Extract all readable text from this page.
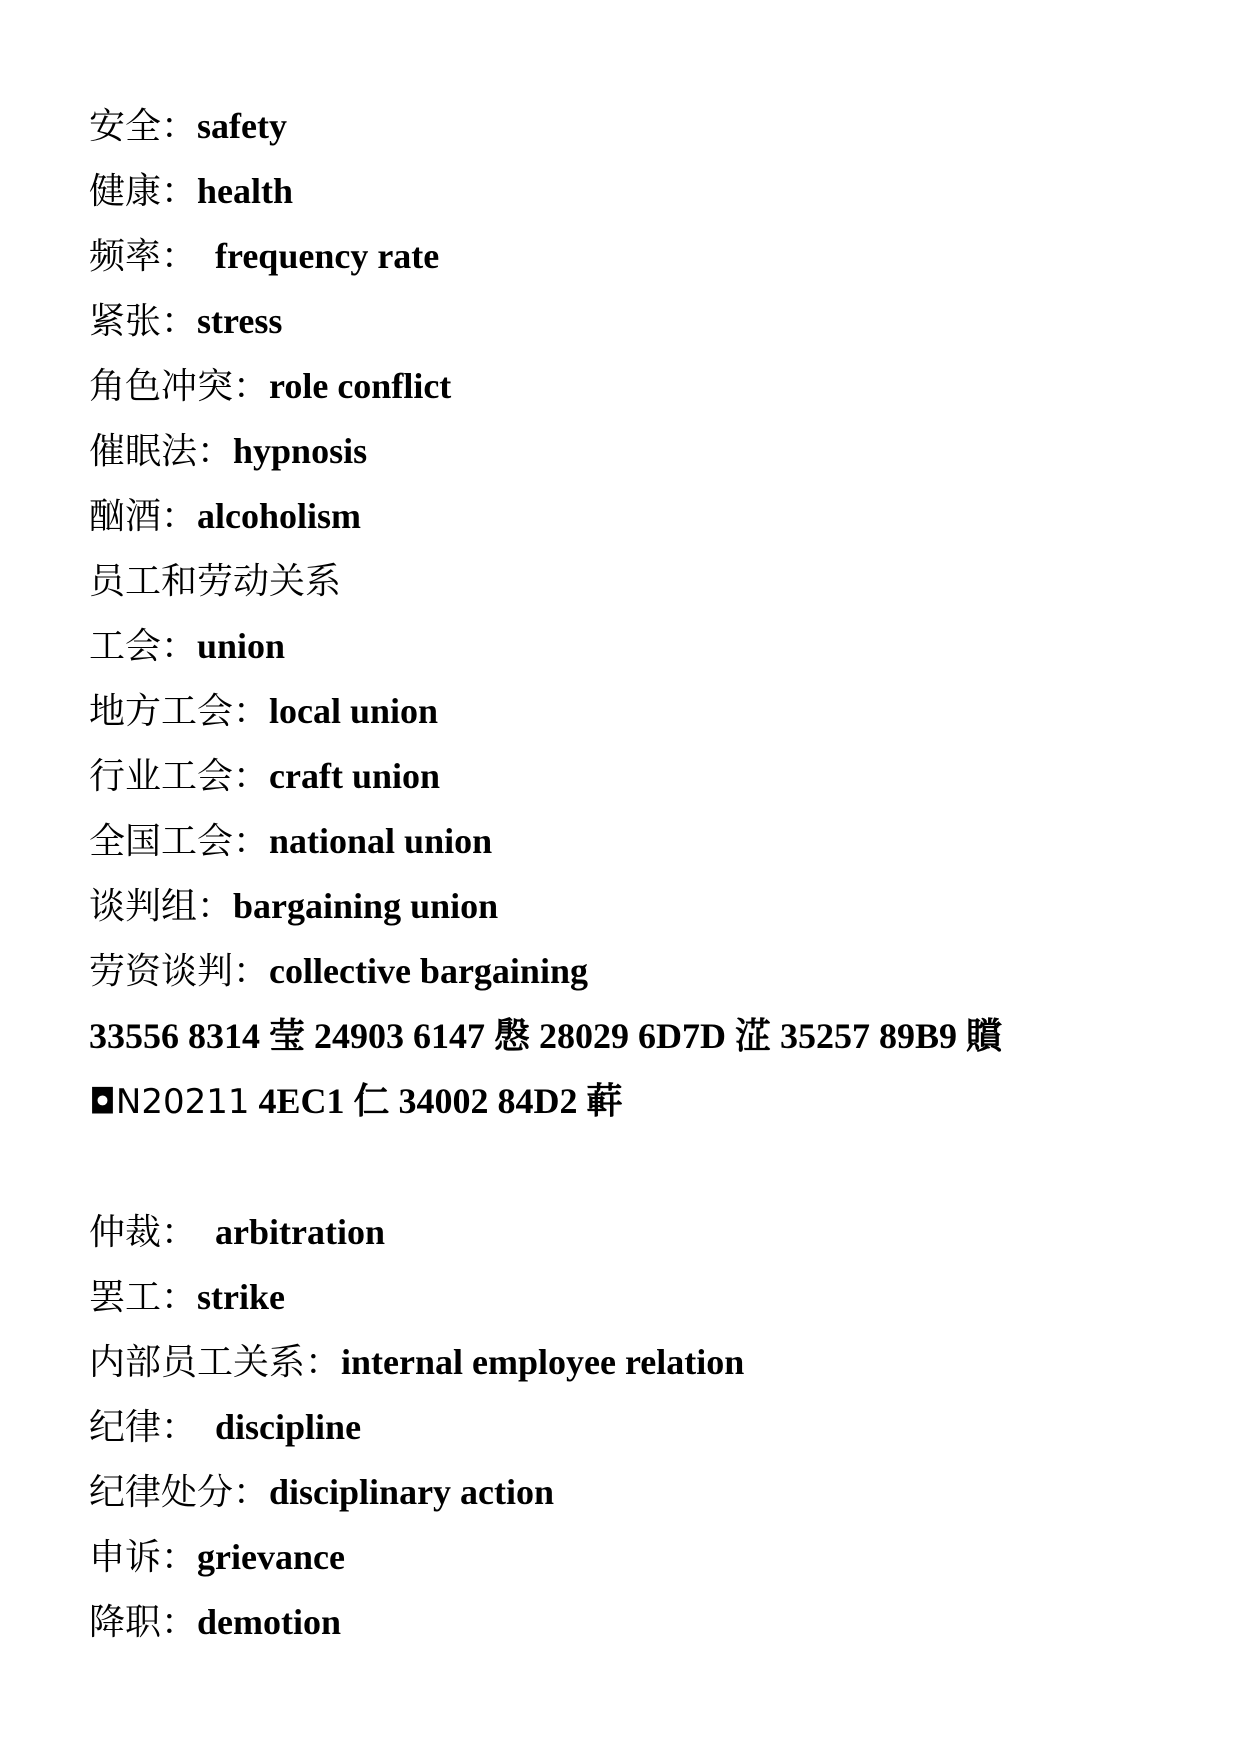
安全：safety
健康：health
频率： frequency rate
紧张：stress
角色冲突：role conflict
催眠法：hypnosis
酗酒：alcoholism
员工和劳动关系
工会：union
地方工会：local union
行业工会：craft union
全国工会：national union
谈判组：bargaining union
劳资谈判：collective bargaining
33556 8314 莹 24903 6147 慇 28029 6D7D 淽 35257 89B9 贘
◘N20211 4EC1 仁 34002 84D2 蓒
仲裁： arbitration
罢工：strike
内部员工关系：internal employee relation
纪律： discipline
纪律处分：disciplinary action
申诉：grievance
降职：demotion
